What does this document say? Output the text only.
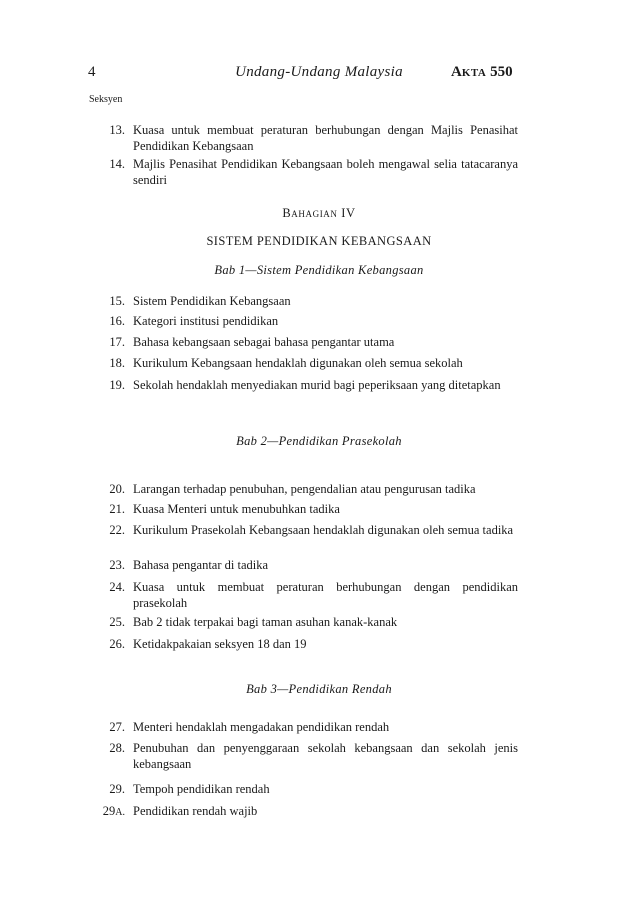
4	Undang-Undang Malaysia	Akta 550
Seksyen
13. Kuasa untuk membuat peraturan berhubungan dengan Majlis Penasihat Pendidikan Kebangsaan
14. Majlis Penasihat Pendidikan Kebangsaan boleh mengawal selia tatacaranya sendiri
Bahagian IV
SISTEM PENDIDIKAN KEBANGSAAN
Bab 1—Sistem Pendidikan Kebangsaan
15. Sistem Pendidikan Kebangsaan
16. Kategori institusi pendidikan
17. Bahasa kebangsaan sebagai bahasa pengantar utama
18. Kurikulum Kebangsaan hendaklah digunakan oleh semua sekolah
19. Sekolah hendaklah menyediakan murid bagi peperiksaan yang ditetapkan
Bab 2—Pendidikan Prasekolah
20. Larangan terhadap penubuhan, pengendalian atau pengurusan tadika
21. Kuasa Menteri untuk menubuhkan tadika
22. Kurikulum Prasekolah Kebangsaan hendaklah digunakan oleh semua tadika
23. Bahasa pengantar di tadika
24. Kuasa untuk membuat peraturan berhubungan dengan pendidikan prasekolah
25. Bab 2 tidak terpakai bagi taman asuhan kanak-kanak
26. Ketidakpakaian seksyen 18 dan 19
Bab 3—Pendidikan Rendah
27. Menteri hendaklah mengadakan pendidikan rendah
28. Penubuhan dan penyenggaraan sekolah kebangsaan dan sekolah jenis kebangsaan
29. Tempoh pendidikan rendah
29A. Pendidikan rendah wajib
